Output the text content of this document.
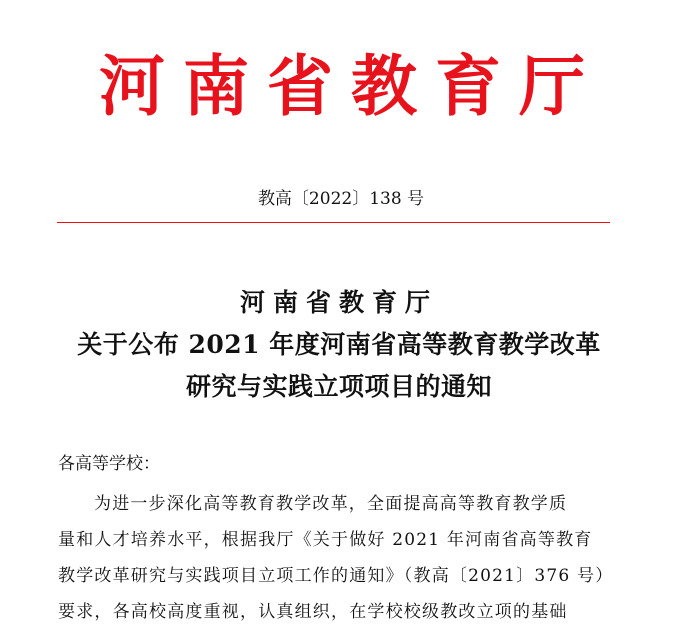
河南省教育厅
教高〔2022〕138 号
河南省教育厅
关于公布 2021 年度河南省高等教育教学改革
研究与实践立项项目的通知
各高等学校：
为进一步深化高等教育教学改革，全面提高高等教育教学质
量和人才培养水平，根据我厅《关于做好 2021 年河南省高等教育
教学改革研究与实践项目立项工作的通知》（教高〔2021〕376 号）
要求，各高校高度重视，认真组织，在学校校级教改立项的基础
